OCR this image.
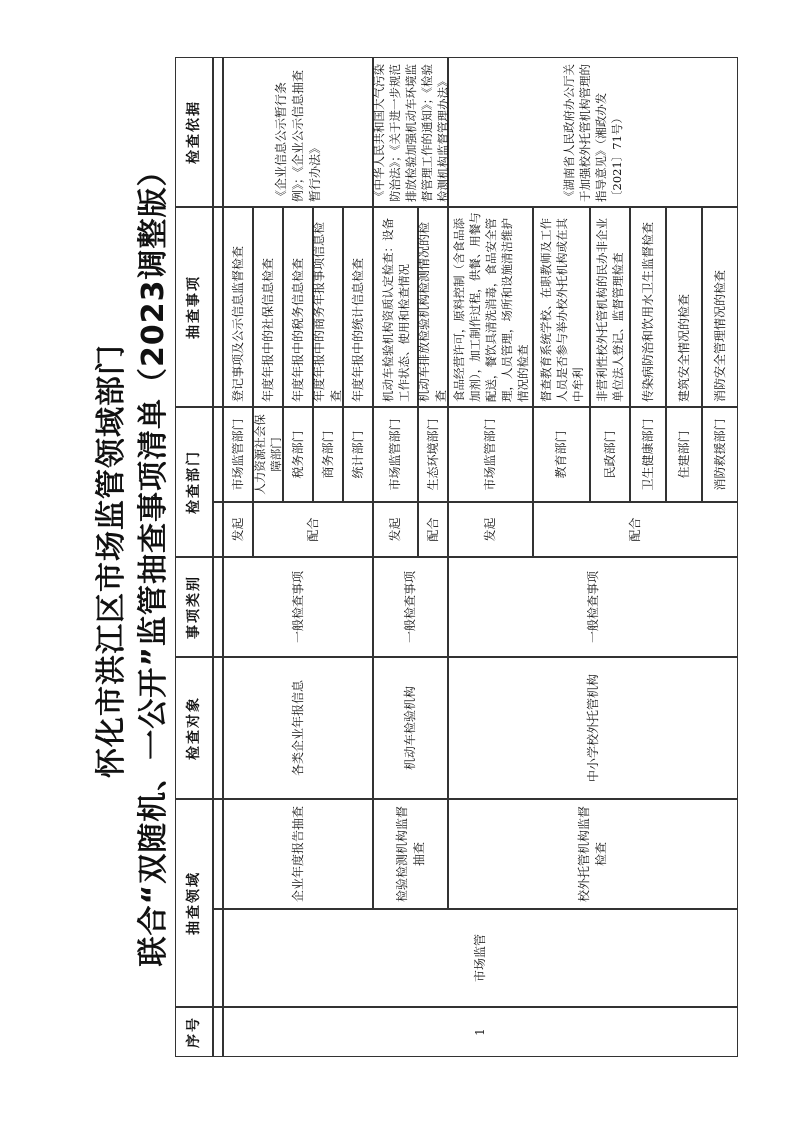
怀化市洪江区市场监管领域部门 联合“双随机、一公开”监管抽查事项清单（2023调整版）
序号
抽查领域
检查对象
事项类别
检查部门
抽查事项
检查依据
1
市场监管
企业年度报告抽查
各类企业年报信息
一般检查事项
发起	配合
市场监管部门
登记事项及公示信息监督检查
人力资源社会保障部门
年度年报中的社保信息检查
税务部门
年度年报中的税务信息检查
商务部门
年度年报中的商务年报事项信息检查
统计部门
年度年报中的统计信息检查
《企业信息公示暂行条例》；《企业公示信息抽查暂行办法》
检验检测机构监督抽查
机动车检验机构
一般检查事项
发起 配合
市场监管部门
机动车检验机构资质认定检查：设备工作状态、使用和检查情况
生态环境部门
机动车排放检验机构检测情况的检查
《中华人民共和国大气污染防治法》；《关于进一步规范排放检验加强机动车环境监督管理工作的通知》；《检验检测机构监督管理办法》
校外托管机构监督检查
中小学校外托管机构
一般检查事项
发起	配合
市场监管部门
食品经营许可，原料控制（含食品添加剂），加工制作过程，供餐、用餐与配送，餐饮具清洗消毒，食品安全管理，人员管理，场所和设施清洁维护情况的检查
教育部门
督查教育系统学校、在职教师及工作人员是否参与举办校外托机构或在其中牟利
民政部门
非营利性校外托管机构的民办非企业单位法人登记、监督管理检查
卫生健康部门
传染病防治和饮用水卫生监督检查
住建部门
建筑安全情况的检查
消防救援部门
消防安全管理情况的检查
《湖南省人民政府办公厅关于加强校外托管机构管理的指导意见》（湘政办发〔2021〕71号）
